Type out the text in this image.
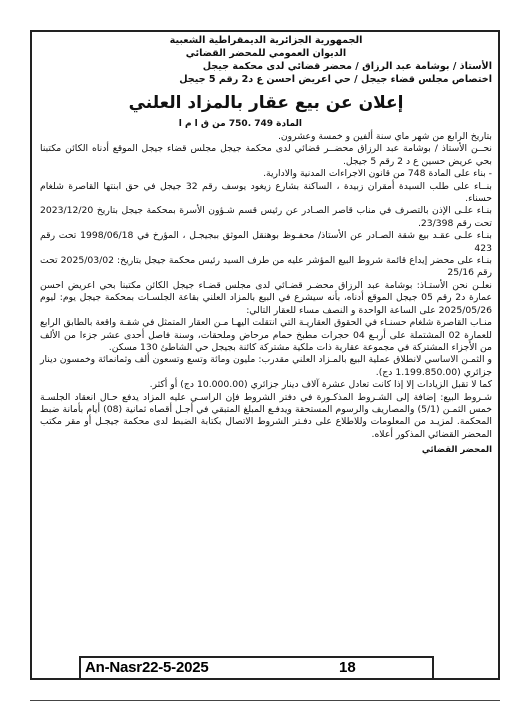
الجمهورية الجزائرية الديمقراطية الشعبية
الديوان العمومي للمحضر القضائي
الأستاذ / بوشامة عبد الرزاق / محضر قضائي لدى محكمة جيجل
اختصاص مجلس قضاء جيجل / حي اعريض احسن ع د2 رقم 5 جيجل
إعلان عن بيع عقار بالمزاد العلني
المادة 749 .750 من ق ا م ا

بتاريخ الرابع من شهر ماي سنة ألفين و خمسة وعشرون.

نحــن الأستاذ / بوشامة عبد الرزاق محضــر قضائي لدى محكمة جيجل مجلس قضاء جيجل الموقع أدناه الكائن مكتبنا بحي عريض حسين ع د 2 رقم 5 جيجل.

- بناء على المادة 748 من قانون الاجراءات المدنية والادارية.

بنــاء على طلب السيدة أمقران زبيدة ، الساكنة بشارع زيغود يوسف رقم 32 جيجل في حق ابنتها القاصرة شلغام حسناء.

بنـاء علـى الإذن بالتصرف في مناب قاصر الصـادر عن رئيس قسم شـؤون الأسرة بمحكمة جيجل بتاريخ 2023/12/20 تحت رقم 23/398.

بنـاء علـى عقـد بيع شقة الصـادر عن الأستاذ/ محفـوظ بوهنقل الموثق ببجيجـل ، المؤرخ في 1998/06/18 تحت رقم 423

بنـاء على محضر إيداع قائمة شروط البيع المؤشر عليه من طرف السيد رئيس محكمة جيجل بتاريخ: 2025/03/02 تحت رقم 25/16

نعلـن نحن الأستـاذ: بوشامة عبد الرزاق محضـر قضـائي لدى مجلس قضـاء جيجل الكائن مكتبنا بحي اعريض احسن عمارة د2 رقم 05 جيجل الموقع أدناه، بأنه سيشرع في البيع بالمزاد العلني بقاعة الجلسـات بمحكمة جيجل يوم: ليوم 2025/05/26 على الساعة الواحدة و النصف مساء للعقار التالي:

منـاب القاصرة شلغام حسنـاء في الحقوق العقاريـة التي انتقلت اليهـا مـن العقار المتمثل في شقـة واقعة بالطابق الرابع للعمارة 02 المشتملة على أربـع 04 حجرات مطبخ حمام مرحاض وملحقات، وسنة فاصل أحدى عشر جزءا من الألف من الأجزاء المشتركة في مجموعة عقارية ذات ملكية مشتركة كائنة بجيجل حي الشاطئ 130 مسكن.

و الثمـن الاساسي لانطلاق عملية البيع بالمـزاد العلني مقدرب: مليون ومائة وتسع وتسعون ألف وثمانمائة وخمسون دينار جزائري (1.199.850.00 دج).

كما لا تقبل الزيادات إلا إذا كانت تعادل عشرة آلاف دينار جزائري (10.000.00 دج) أو أكثر.

شـروط البيع: إضافة إلى الشـروط المذكـورة في دفتر الشروط فإن الراسـي عليه المزاد يدفع حـال انعقاد الجلسـة خمس الثمـن (5/1) والمصاريف والرسوم المستحقة ويدفـع المبلغ المتبقي في أجـل أقصاه ثمانية (08) أيام بأمانة ضبط المحكمة. لمزيـد من المعلومات وللاطلاع على دفـتر الشروط الاتصال بكتابة الضبط لدى محكمة جيجـل أو مقر مكتب المحضر القضائي المذكور أعلاه.

المحضر القضائي
An-Nasr22-5-2025	18
